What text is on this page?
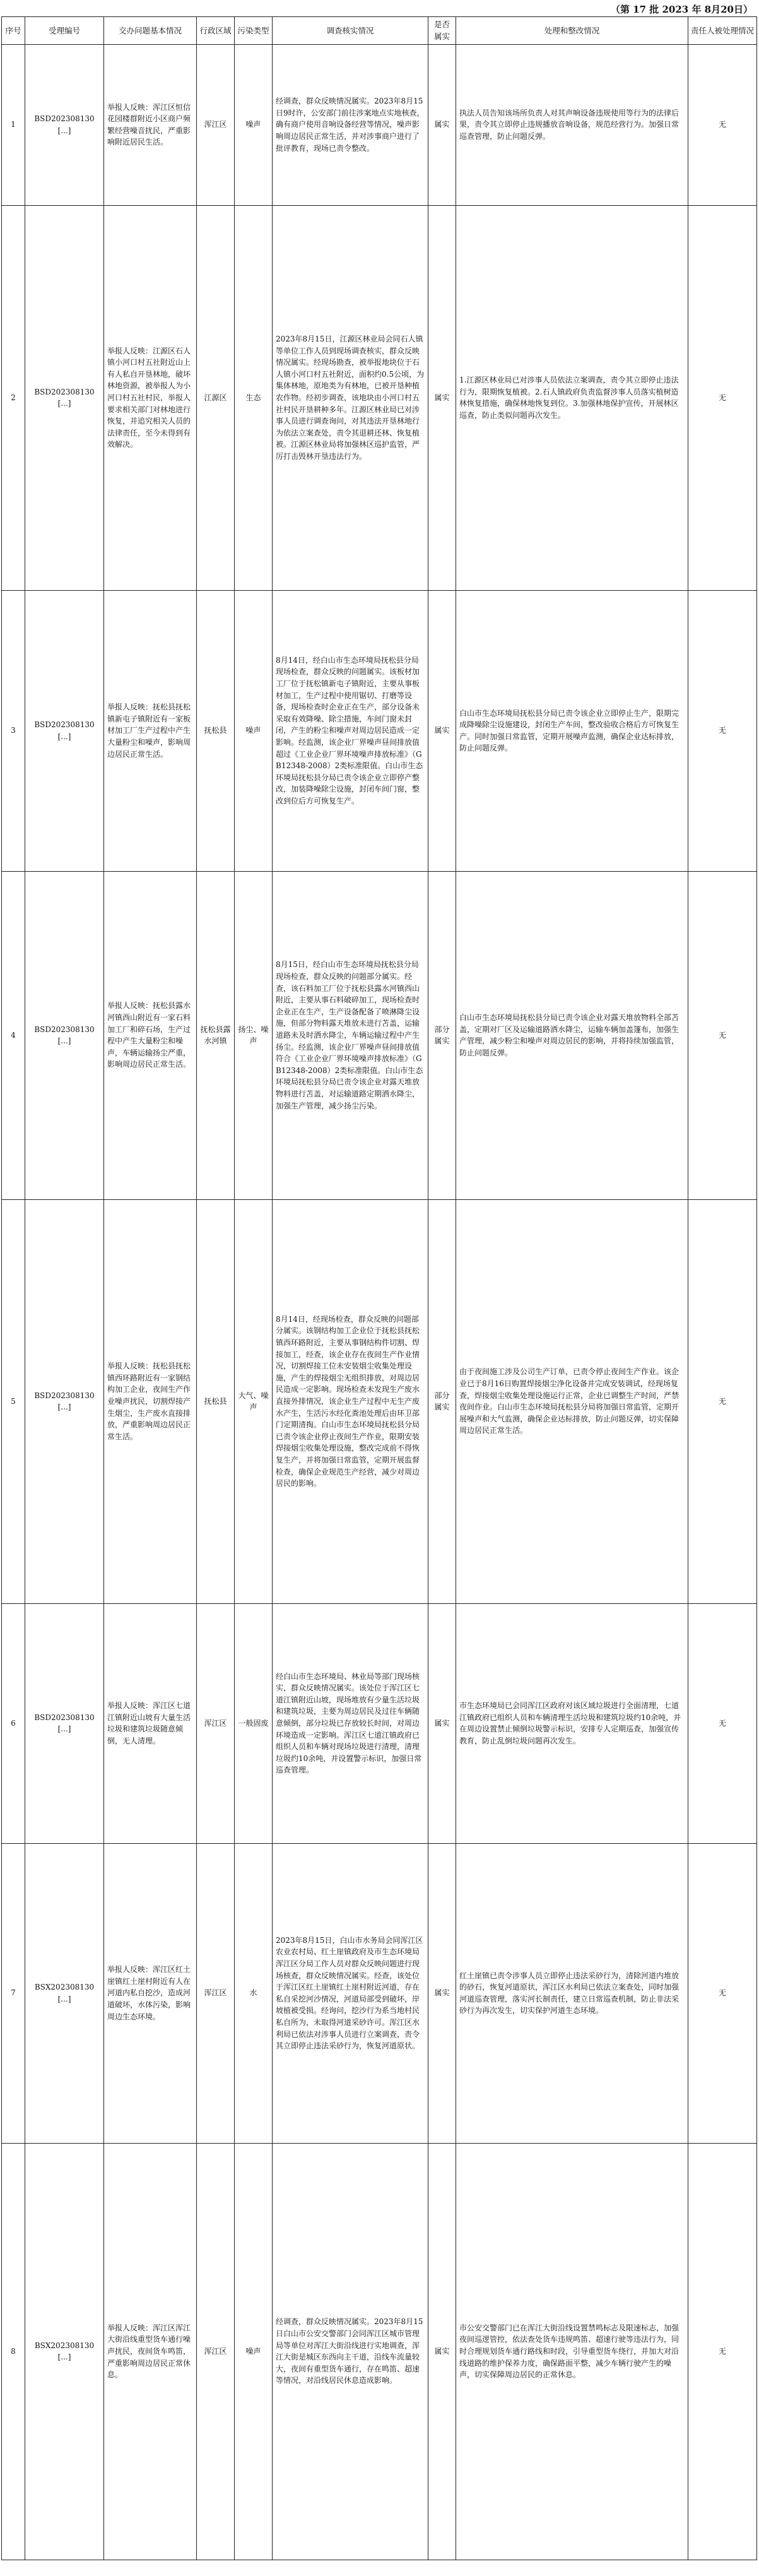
（第 17 批 2023 年 8月20日）
序号	受理编号	交办问题基本情况	行政区域	污染类型	调查核实情况	是否属实	处理和整改情况	责任人被处理情况
1	BSD202308130[...]	举报人反映：浑江区恒信花园楼群附近小区商户频繁经营噪音扰民，严重影响附近居民生活。	浑江区	噪声	经调查，群众反映情况属实。2023年8月15日9时许，公安部门前往涉案地点实地核查，确有商户使用音响设备经营等情况，噪声影响周边居民正常生活，并对涉事商户进行了批评教育，现场已责令整改。	属实	执法人员告知该场所负责人对其声响设备违规使用等行为的法律后果，责令其立即停止违规播放音响设备，规范经营行为。加强日常巡查管理，防止问题反弹。	无
2	BSD202308130[...]	举报人反映：江源区石人镇小河口村五社附近山上有人私自开垦林地，破坏林地资源，被举报人为小河口村五社村民，举报人要求相关部门对林地进行恢复，并追究相关人员的法律责任，至今未得到有效解决。	江源区	生态	2023年8月15日，江源区林业局会同石人镇等单位工作人员到现场调查核实，群众反映情况属实。经现场勘查，被举报地块位于石人镇小河口村五社附近，面积约0.5公顷，为集体林地，原地类为有林地，已被开垦种植农作物。经初步调查，该地块由小河口村五社村民开垦耕种多年。江源区林业局已对涉事人员进行调查询问，对其违法开垦林地行为依法立案查处，责令其退耕还林、恢复植被。江源区林业局将加强林区巡护监管，严厉打击毁林开垦违法行为。	属实	1.江源区林业局已对涉事人员依法立案调查，责令其立即停止违法行为，限期恢复植被。2.石人镇政府负责监督涉事人员落实植树造林恢复措施，确保林地恢复到位。3.加强林地保护宣传，开展林区巡查，防止类似问题再次发生。	无
3	BSD202308130[...]	举报人反映：抚松县抚松镇新屯子镇附近有一家板材加工厂生产过程中产生大量粉尘和噪声，影响周边居民正常生活。	抚松县	噪声	8月14日，经白山市生态环境局抚松县分局现场检查，群众反映的问题属实。该板材加工厂位于抚松镇新屯子镇附近，主要从事板材加工，生产过程中使用锯切、打磨等设备，现场检查时企业正在生产，部分设备未采取有效降噪、除尘措施，车间门窗未封闭，产生的粉尘和噪声对周边居民造成一定影响。经监测，该企业厂界噪声昼间排放值超过《工业企业厂界环境噪声排放标准》（GB12348-2008）2类标准限值。白山市生态环境局抚松县分局已责令该企业立即停产整改，加装降噪除尘设施，封闭车间门窗，整改到位后方可恢复生产。	属实	白山市生态环境局抚松县分局已责令该企业立即停止生产，限期完成降噪除尘设施建设，封闭生产车间，整改验收合格后方可恢复生产。同时加强日常监管，定期开展噪声监测，确保企业达标排放，防止问题反弹。	无
4	BSD202308130[...]	举报人反映：抚松县露水河镇西山附近有一家石料加工厂和碎石场，生产过程中产生大量粉尘和噪声，车辆运输扬尘严重，影响周边居民正常生活。	抚松县露水河镇	扬尘、噪声	8月15日，经白山市生态环境局抚松县分局现场检查，群众反映的问题部分属实。经查，该石料加工厂位于抚松县露水河镇西山附近，主要从事石料破碎加工，现场检查时企业正在生产，生产设备配备了喷淋降尘设施，但部分物料露天堆放未进行苫盖，运输道路未及时洒水降尘，车辆运输过程中产生扬尘。经监测，该企业厂界噪声昼间排放值符合《工业企业厂界环境噪声排放标准》（GB12348-2008）2类标准限值。白山市生态环境局抚松县分局已责令该企业对露天堆放物料进行苫盖，对运输道路定期洒水降尘，加强生产管理，减少扬尘污染。	部分属实	白山市生态环境局抚松县分局已责令该企业对露天堆放物料全部苫盖，定期对厂区及运输道路洒水降尘，运输车辆加盖篷布，加强生产管理，减少粉尘和噪声对周边居民的影响，并将持续加强监管，防止问题反弹。	无
5	BSD202308130[...]	举报人反映：抚松县抚松镇西环路附近有一家钢结构加工企业，夜间生产作业噪声扰民，切割焊接产生烟尘，生产废水直接排放，严重影响周边居民正常生活。	抚松县	大气、噪声	8月14日，经现场检查，群众反映的问题部分属实。该钢结构加工企业位于抚松县抚松镇西环路附近，主要从事钢结构件切割、焊接加工，经查，该企业存在夜间生产作业情况，切割焊接工位未安装烟尘收集处理设施，产生的焊接烟尘无组织排放，对周边居民造成一定影响。现场检查未发现生产废水直接外排情况，该企业生产过程中无生产废水产生，生活污水经化粪池处理后由环卫部门定期清掏。白山市生态环境局抚松县分局已责令该企业停止夜间生产作业，限期安装焊接烟尘收集处理设施，整改完成前不得恢复生产，并将加强日常监管，定期开展监督检查，确保企业规范生产经营，减少对周边居民的影响。	部分属实	由于夜间施工涉及公司生产订单，已责令停止夜间生产作业。该企业已于8月16日购置焊接烟尘净化设备并完成安装调试，经现场复查，焊接烟尘收集处理设施运行正常，企业已调整生产时间，严禁夜间作业。白山市生态环境局抚松县分局将加强日常监管，定期开展噪声和大气监测，确保企业达标排放，防止问题反弹，切实保障周边居民正常生活。	无
6	BSD202308130[...]	举报人反映：浑江区七道江镇附近山坡有大量生活垃圾和建筑垃圾随意倾倒，无人清理。	浑江区	一般固废	经白山市生态环境局、林业局等部门现场核实，群众反映情况属实。该处位于浑江区七道江镇附近山坡，现场堆放有少量生活垃圾和建筑垃圾，主要为周边居民及过往车辆随意倾倒，部分垃圾已存放较长时间，对周边环境造成一定影响。浑江区七道江镇政府已组织人员和车辆对现场垃圾进行清理，清理垃圾约10余吨，并设置警示标识，加强日常巡查管理。	属实	市生态环境局已会同浑江区政府对该区域垃圾进行全面清理，七道江镇政府已组织人员和车辆清理生活垃圾和建筑垃圾约10余吨，并在周边设置禁止倾倒垃圾警示标识，安排专人定期巡查，加强宣传教育，防止乱倒垃圾问题再次发生。	无
7	BSX202308130[...]	举报人反映：浑江区红土崖镇红土崖村附近有人在河道内私自挖沙，造成河道破坏，水体污染，影响周边生态环境。	浑江区	水	2023年8月15日，白山市水务局会同浑江区农业农村局、红土崖镇政府及市生态环境局浑江区分局工作人员对群众反映问题进行现场核查，群众反映情况属实。经查，该处位于浑江区红土崖镇红土崖村附近河道，存在私自采挖河沙情况，河道局部受到破坏，岸坡植被受损。经询问，挖沙行为系当地村民私自所为，未取得河道采砂许可。浑江区水利局已依法对涉事人员进行立案调查，责令其立即停止违法采砂行为，恢复河道原状。	属实	红土崖镇已责令涉事人员立即停止违法采砂行为，清除河道内堆放的砂石，恢复河道原状，浑江区水利局已依法立案查处，同时加强河道巡查管理，落实河长制责任，建立日常巡查机制，防止非法采砂行为再次发生，切实保护河道生态环境。	无
8	BSX202308130[...]	举报人反映：浑江区浑江大街沿线重型货车通行噪声扰民，夜间货车鸣笛，严重影响周边居民正常休息。	浑江区	噪声	经调查，群众反映情况属实。2023年8月15日白山市公安交警部门会同浑江区城市管理局等单位对浑江大街沿线进行实地调查，浑江大街是城区东西向主干道，沿线车流量较大，夜间有重型货车通行，存在鸣笛、超速等情况，对沿线居民休息造成影响。	属实	市公安交警部门已在浑江大街沿线设置禁鸣标志及限速标志，加强夜间巡逻管控，依法查处货车违规鸣笛、超速行驶等违法行为，同时合理规划货车通行路线和时段，引导重型货车绕行，并加大对沿线道路的维护保养力度，确保路面平整，减少车辆行驶产生的噪声，切实保障周边居民的正常休息。	无
